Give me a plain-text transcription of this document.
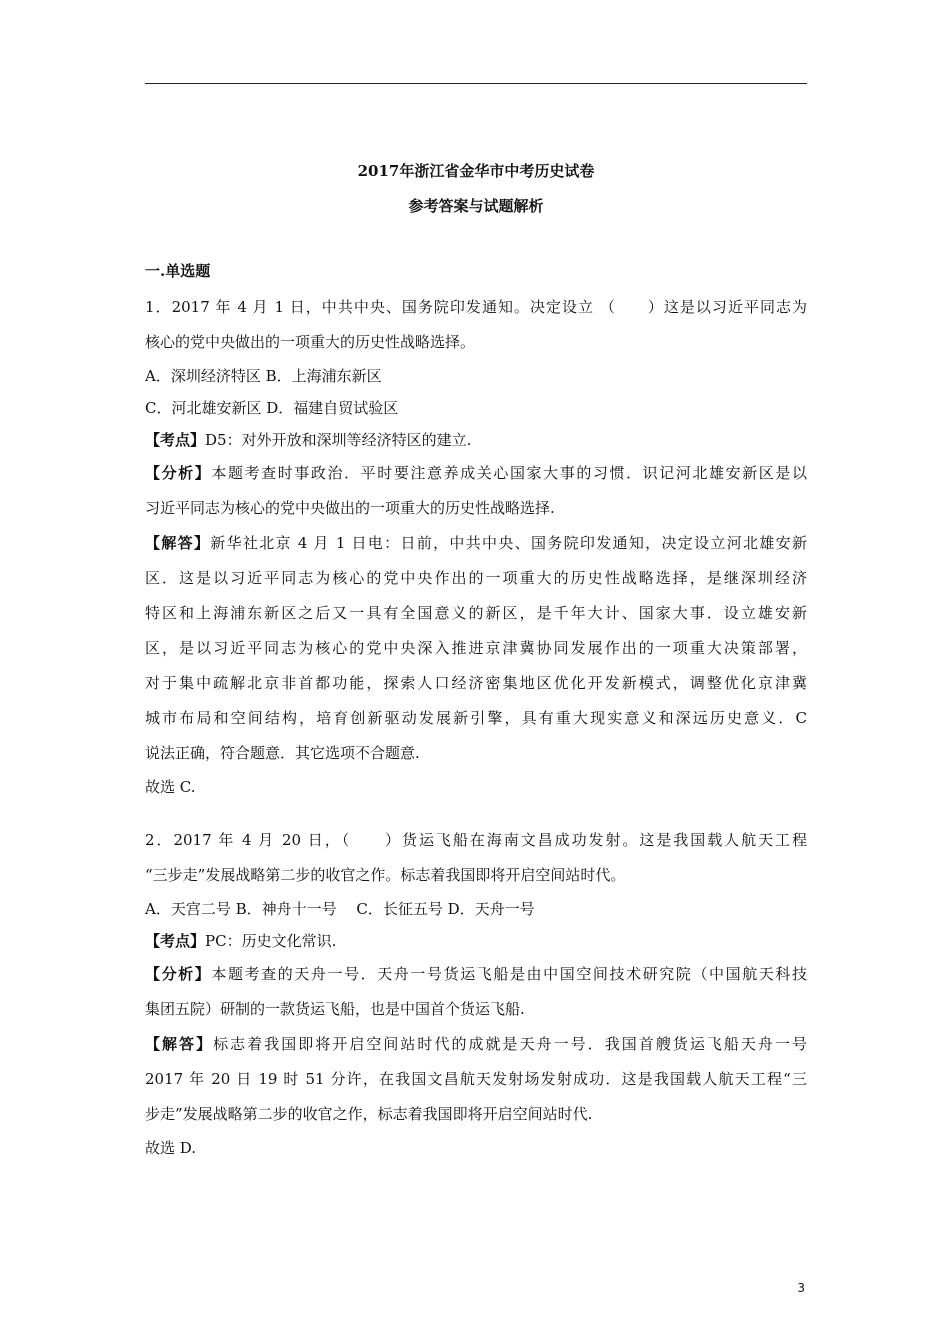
2017年浙江省金华市中考历史试卷
参考答案与试题解析
一.单选题

1．2017 年 4 月 1 日，中共中央、国务院印发通知。决定设立 （　　）这是以习近平同志为

核心的党中央做出的一项重大的历史性战略选择。

A．深圳经济特区 B．上海浦东新区

C．河北雄安新区 D．福建自贸试验区

【考点】D5：对外开放和深圳等经济特区的建立.

【分析】本题考查时事政治．平时要注意养成关心国家大事的习惯．识记河北雄安新区是以

习近平同志为核心的党中央做出的一项重大的历史性战略选择.

【解答】新华社北京 4 月 1 日电：日前，中共中央、国务院印发通知，决定设立河北雄安新

区．这是以习近平同志为核心的党中央作出的一项重大的历史性战略选择，是继深圳经济

特区和上海浦东新区之后又一具有全国意义的新区，是千年大计、国家大事．设立雄安新

区，是以习近平同志为核心的党中央深入推进京津冀协同发展作出的一项重大决策部署，

对于集中疏解北京非首都功能，探索人口经济密集地区优化开发新模式，调整优化京津冀

城市布局和空间结构，培育创新驱动发展新引擎，具有重大现实意义和深远历史意义．C

说法正确，符合题意．其它选项不合题意.

故选 C.

2．2017 年 4 月 20 日，（　　）货运飞船在海南文昌成功发射。这是我国载人航天工程

“三步走”发展战略第二步的收官之作。标志着我国即将开启空间站时代。

A．天宫二号 B．神舟十一号　 C．长征五号 D．天舟一号

【考点】PC：历史文化常识.

【分析】本题考查的天舟一号．天舟一号货运飞船是由中国空间技术研究院（中国航天科技

集团五院）研制的一款货运飞船，也是中国首个货运飞船.

【解答】标志着我国即将开启空间站时代的成就是天舟一号．我国首艘货运飞船天舟一号

2017 年 20 日 19 时 51 分许，在我国文昌航天发射场发射成功．这是我国载人航天工程“三

步走”发展战略第二步的收官之作，标志着我国即将开启空间站时代.

故选 D.

3
